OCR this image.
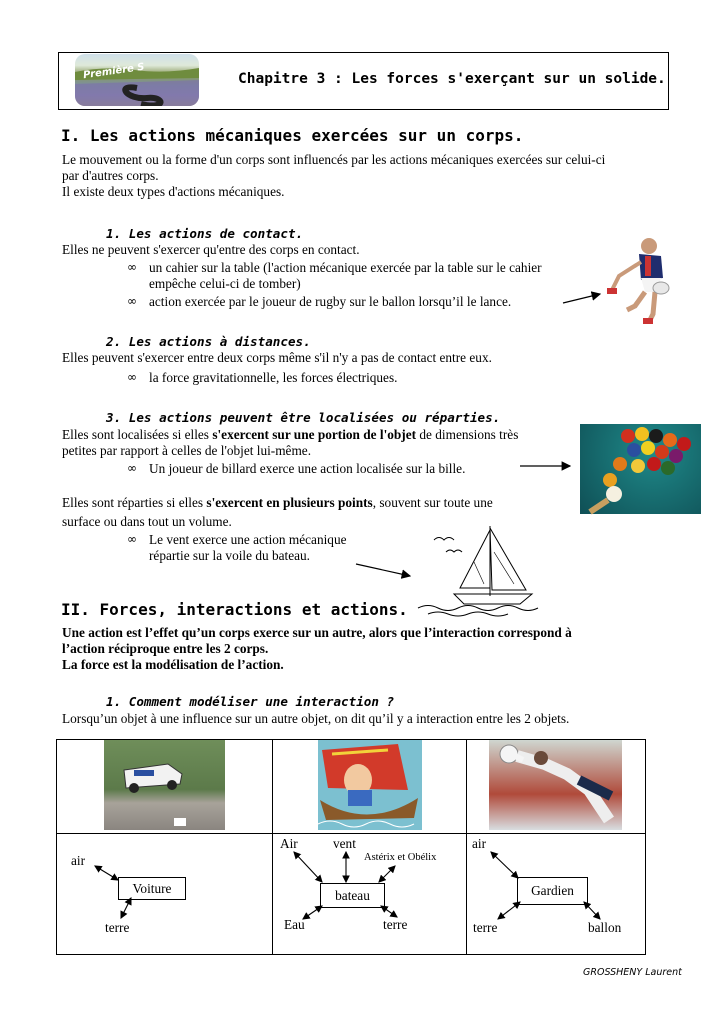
Première S	Chapitre 3 : Les forces s'exerçant sur un solide.
I. Les actions mécaniques exercées sur un corps.
Le mouvement ou la forme d'un corps sont influencés par les actions mécaniques exercées sur celui-ci
par d'autres corps.
Il existe deux types d'actions mécaniques.
1. Les actions de contact.
Elles ne peuvent s'exercer qu'entre des corps en contact.
∞ un cahier sur la table (l'action mécanique exercée par la table sur le cahier
empêche celui-ci de tomber)
∞ action exercée par le joueur de rugby sur le ballon lorsqu’il le lance.
2. Les actions à distances.
Elles peuvent s'exercer entre deux corps même s'il n'y a pas de contact entre eux.
∞ la force gravitationnelle, les forces électriques.
3. Les actions peuvent être localisées ou réparties.
Elles sont localisées si elles s'exercent sur une portion de l'objet de dimensions très
petites par rapport à celles de l'objet lui-même.
∞ Un joueur de billard exerce une action localisée sur la bille.
Elles sont réparties si elles s'exercent en plusieurs points, souvent sur toute une
surface ou dans tout un volume.
∞ Le vent exerce une action mécanique
répartie sur la voile du bateau.
II. Forces, interactions et actions.
Une action est l’effet qu’un corps exerce sur un autre, alors que l’interaction correspond à
l’action réciproque entre les 2 corps.
La force est la modélisation de l’action.
1. Comment modéliser une interaction ?
Lorsqu’un objet à une influence sur un autre objet, on dit qu’il y a interaction entre les 2 objets.
air
Voiture
terre
Air	vent
Astérix et Obélix
bateau
Eau	terre
air
Gardien
terre	ballon
GROSSHENY Laurent
